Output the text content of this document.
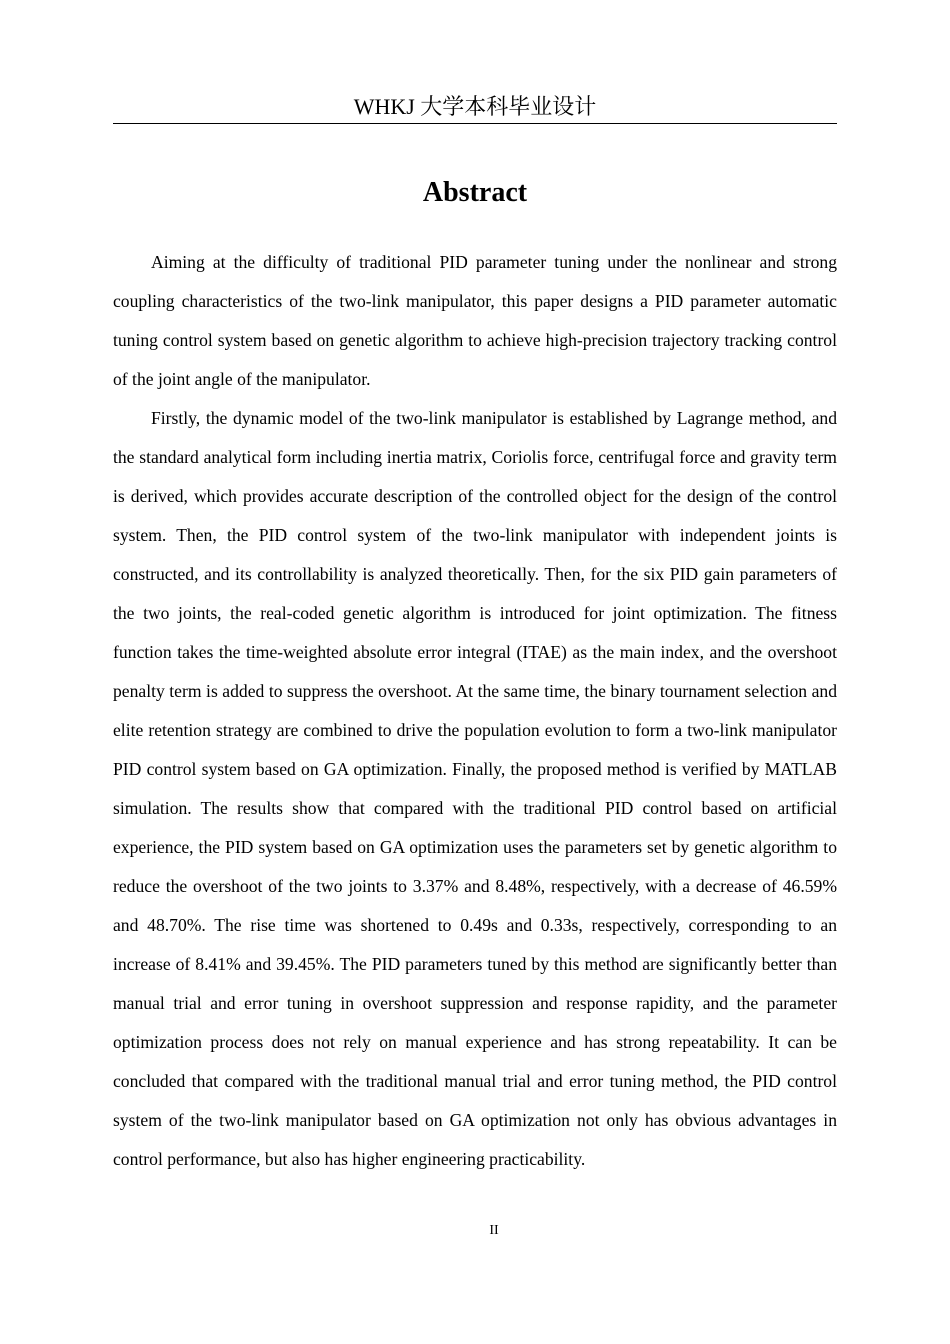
WHKJ 大学本科毕业设计
Abstract

Aiming at the difficulty of traditional PID parameter tuning under the nonlinear and strong coupling characteristics of the two-link manipulator, this paper designs a PID parameter automatic tuning control system based on genetic algorithm to achieve high-precision trajectory tracking control of the joint angle of the manipulator.

Firstly, the dynamic model of the two-link manipulator is established by Lagrange method, and the standard analytical form including inertia matrix, Coriolis force, centrifugal force and gravity term is derived, which provides accurate description of the controlled object for the design of the control system. Then, the PID control system of the two-link manipulator with independent joints is constructed, and its controllability is analyzed theoretically. Then, for the six PID gain parameters of the two joints, the real-coded genetic algorithm is introduced for joint optimization. The fitness function takes the time-weighted absolute error integral (ITAE) as the main index, and the overshoot penalty term is added to suppress the overshoot. At the same time, the binary tournament selection and elite retention strategy are combined to drive the population evolution to form a two-link manipulator PID control system based on GA optimization. Finally, the proposed method is verified by MATLAB simulation. The results show that compared with the traditional PID control based on artificial experience, the PID system based on GA optimization uses the parameters set by genetic algorithm to reduce the overshoot of the two joints to 3.37% and 8.48%, respectively, with a decrease of 46.59% and 48.70%. The rise time was shortened to 0.49s and 0.33s, respectively, corresponding to an increase of 8.41% and 39.45%. The PID parameters tuned by this method are significantly better than manual trial and error tuning in overshoot suppression and response rapidity, and the parameter optimization process does not rely on manual experience and has strong repeatability. It can be concluded that compared with the traditional manual trial and error tuning method, the PID control system of the two-link manipulator based on GA optimization not only has obvious advantages in control performance, but also has higher engineering practicability.

II
